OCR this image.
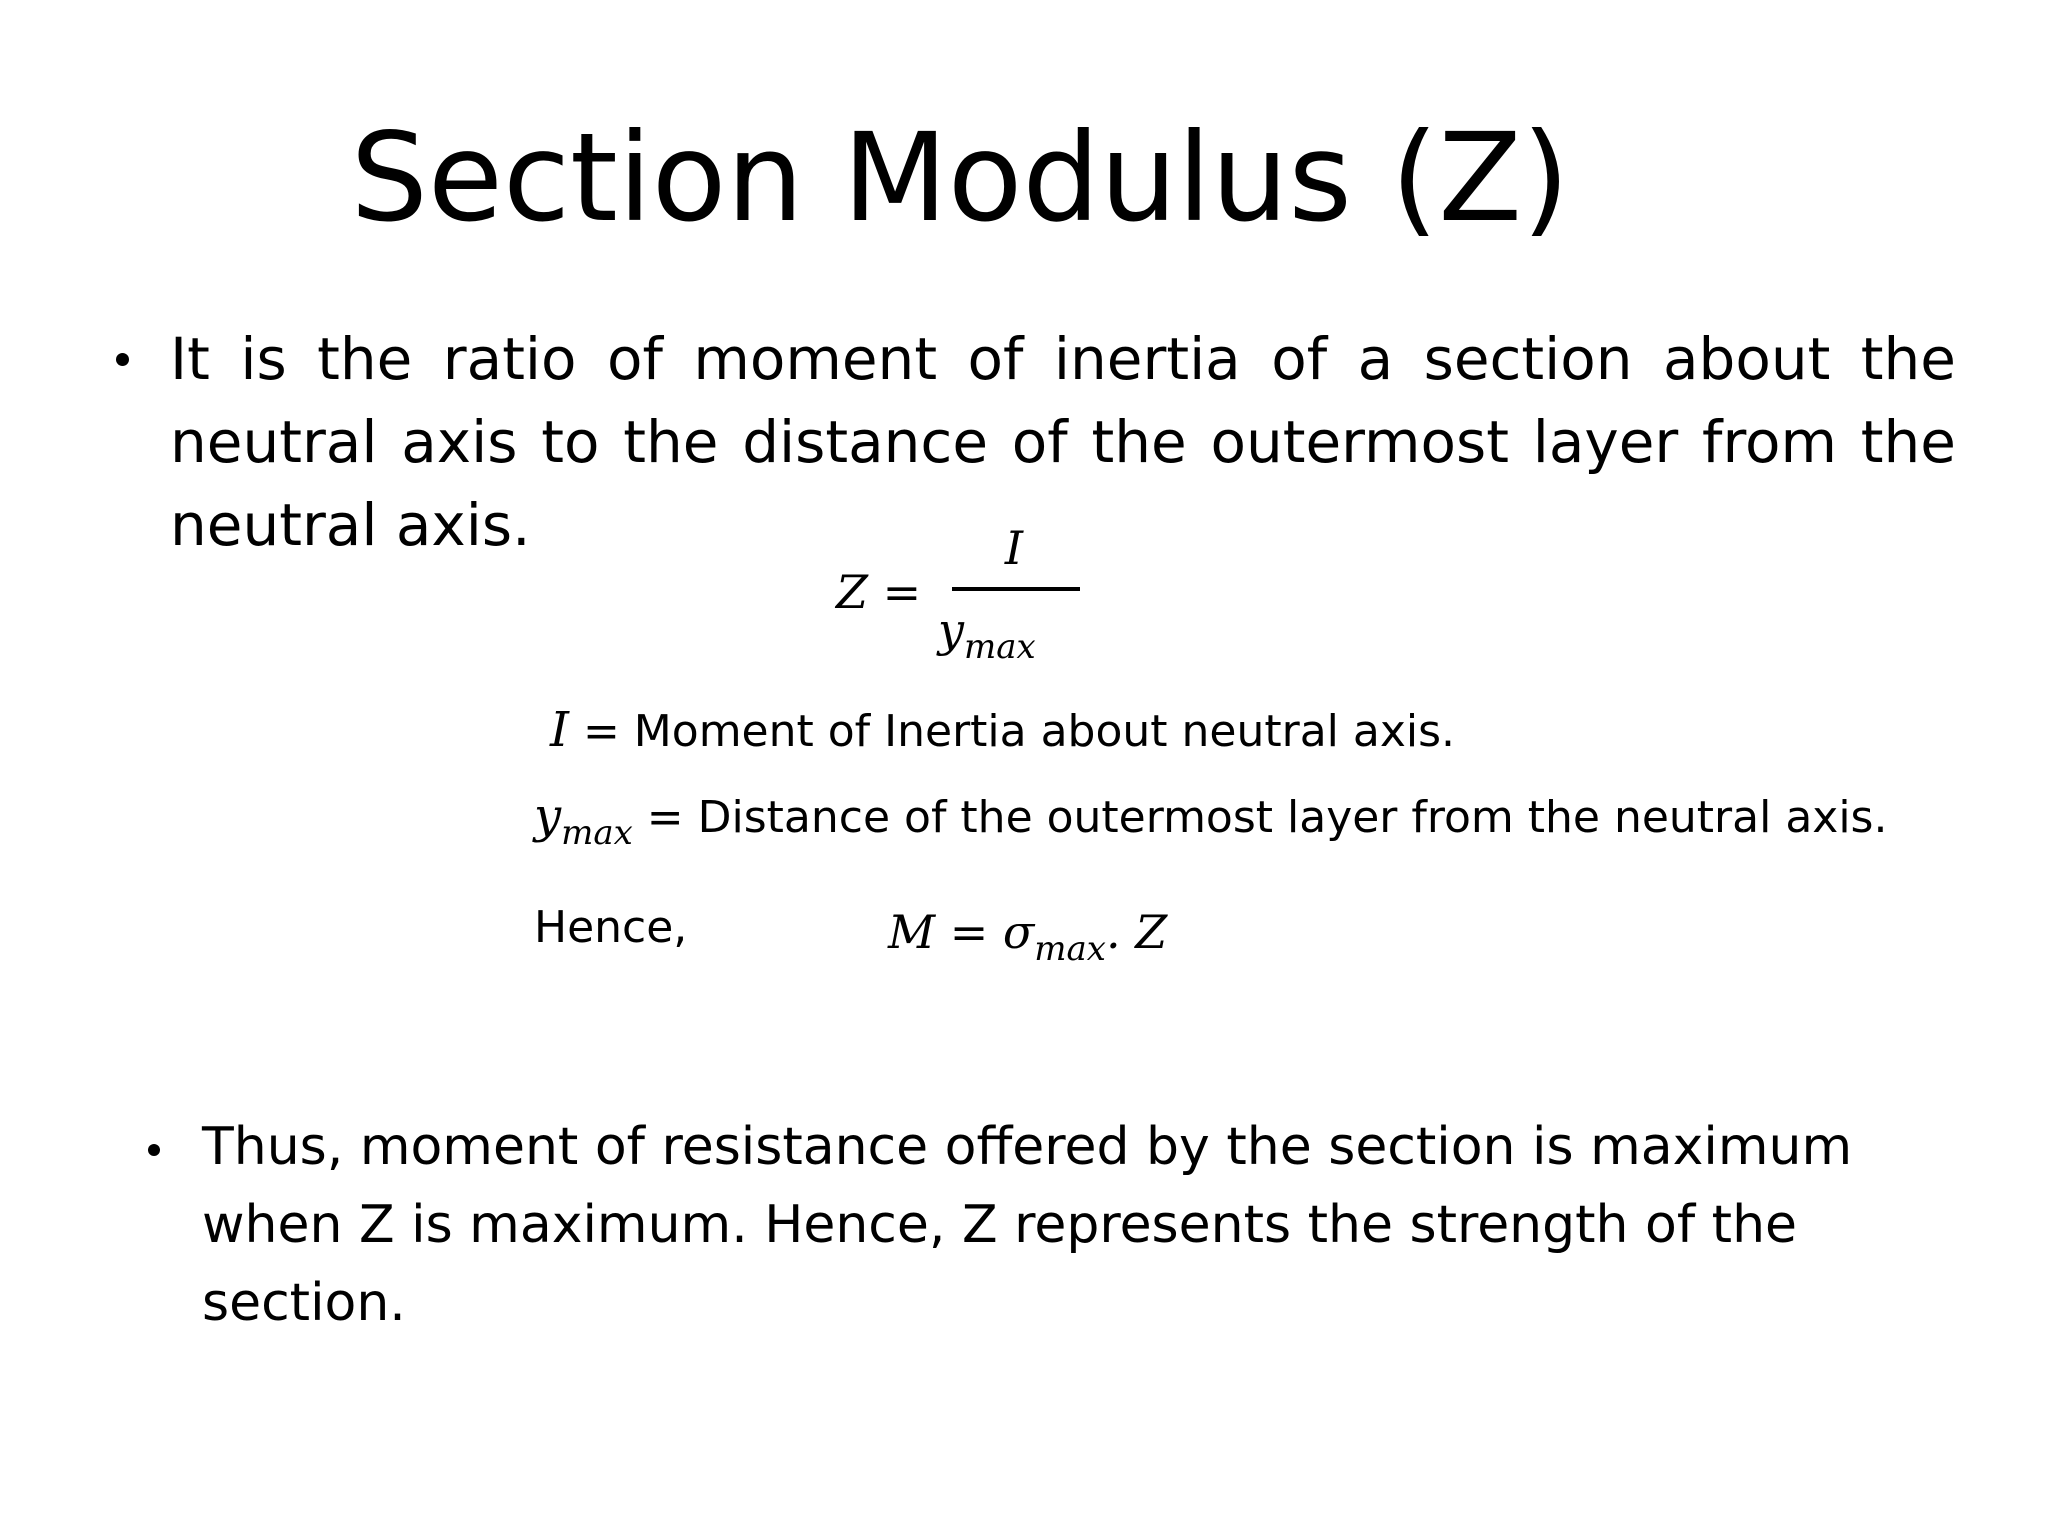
Section Modulus (Z)
It is the ratio of moment of inertia of a section about the neutral axis to the distance of the outermost layer from the neutral axis.
Z =
I
$y_{max}$
I = Moment of Inertia about neutral axis.
$y_{max}$ = Distance of the outermost layer from the neutral axis.
Hence,	$M = \sigma_{max}$. Z
Thus, moment of resistance offered by the section is maximum when Z is maximum. Hence, Z represents the strength of the section.
